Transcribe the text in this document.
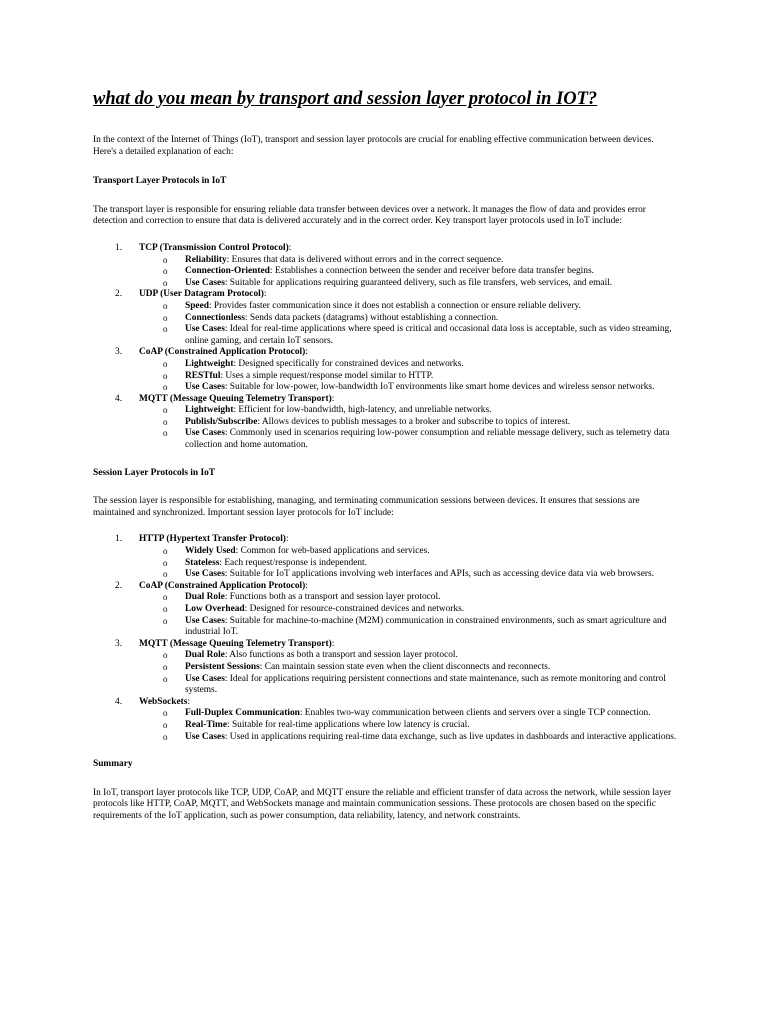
what do you mean by transport and session layer protocol in IOT?

In the context of the Internet of Things (IoT), transport and session layer protocols are crucial for enabling effective communication between devices. Here's a detailed explanation of each:

Transport Layer Protocols in IoT

The transport layer is responsible for ensuring reliable data transfer between devices over a network. It manages the flow of data and provides error detection and correction to ensure that data is delivered accurately and in the correct order. Key transport layer protocols used in IoT include:

1. TCP (Transmission Control Protocol):
o Reliability: Ensures that data is delivered without errors and in the correct sequence.
o Connection-Oriented: Establishes a connection between the sender and receiver before data transfer begins.
o Use Cases: Suitable for applications requiring guaranteed delivery, such as file transfers, web services, and email.
2. UDP (User Datagram Protocol):
o Speed: Provides faster communication since it does not establish a connection or ensure reliable delivery.
o Connectionless: Sends data packets (datagrams) without establishing a connection.
o Use Cases: Ideal for real-time applications where speed is critical and occasional data loss is acceptable, such as video streaming, online gaming, and certain IoT sensors.
3. CoAP (Constrained Application Protocol):
o Lightweight: Designed specifically for constrained devices and networks.
o RESTful: Uses a simple request/response model similar to HTTP.
o Use Cases: Suitable for low-power, low-bandwidth IoT environments like smart home devices and wireless sensor networks.
4. MQTT (Message Queuing Telemetry Transport):
o Lightweight: Efficient for low-bandwidth, high-latency, and unreliable networks.
o Publish/Subscribe: Allows devices to publish messages to a broker and subscribe to topics of interest.
o Use Cases: Commonly used in scenarios requiring low-power consumption and reliable message delivery, such as telemetry data collection and home automation.

Session Layer Protocols in IoT

The session layer is responsible for establishing, managing, and terminating communication sessions between devices. It ensures that sessions are maintained and synchronized. Important session layer protocols for IoT include:

1. HTTP (Hypertext Transfer Protocol):
o Widely Used: Common for web-based applications and services.
o Stateless: Each request/response is independent.
o Use Cases: Suitable for IoT applications involving web interfaces and APIs, such as accessing device data via web browsers.
2. CoAP (Constrained Application Protocol):
o Dual Role: Functions both as a transport and session layer protocol.
o Low Overhead: Designed for resource-constrained devices and networks.
o Use Cases: Suitable for machine-to-machine (M2M) communication in constrained environments, such as smart agriculture and industrial IoT.
3. MQTT (Message Queuing Telemetry Transport):
o Dual Role: Also functions as both a transport and session layer protocol.
o Persistent Sessions: Can maintain session state even when the client disconnects and reconnects.
o Use Cases: Ideal for applications requiring persistent connections and state maintenance, such as remote monitoring and control systems.
4. WebSockets:
o Full-Duplex Communication: Enables two-way communication between clients and servers over a single TCP connection.
o Real-Time: Suitable for real-time applications where low latency is crucial.
o Use Cases: Used in applications requiring real-time data exchange, such as live updates in dashboards and interactive applications.

Summary

In IoT, transport layer protocols like TCP, UDP, CoAP, and MQTT ensure the reliable and efficient transfer of data across the network, while session layer protocols like HTTP, CoAP, MQTT, and WebSockets manage and maintain communication sessions. These protocols are chosen based on the specific requirements of the IoT application, such as power consumption, data reliability, latency, and network constraints.
